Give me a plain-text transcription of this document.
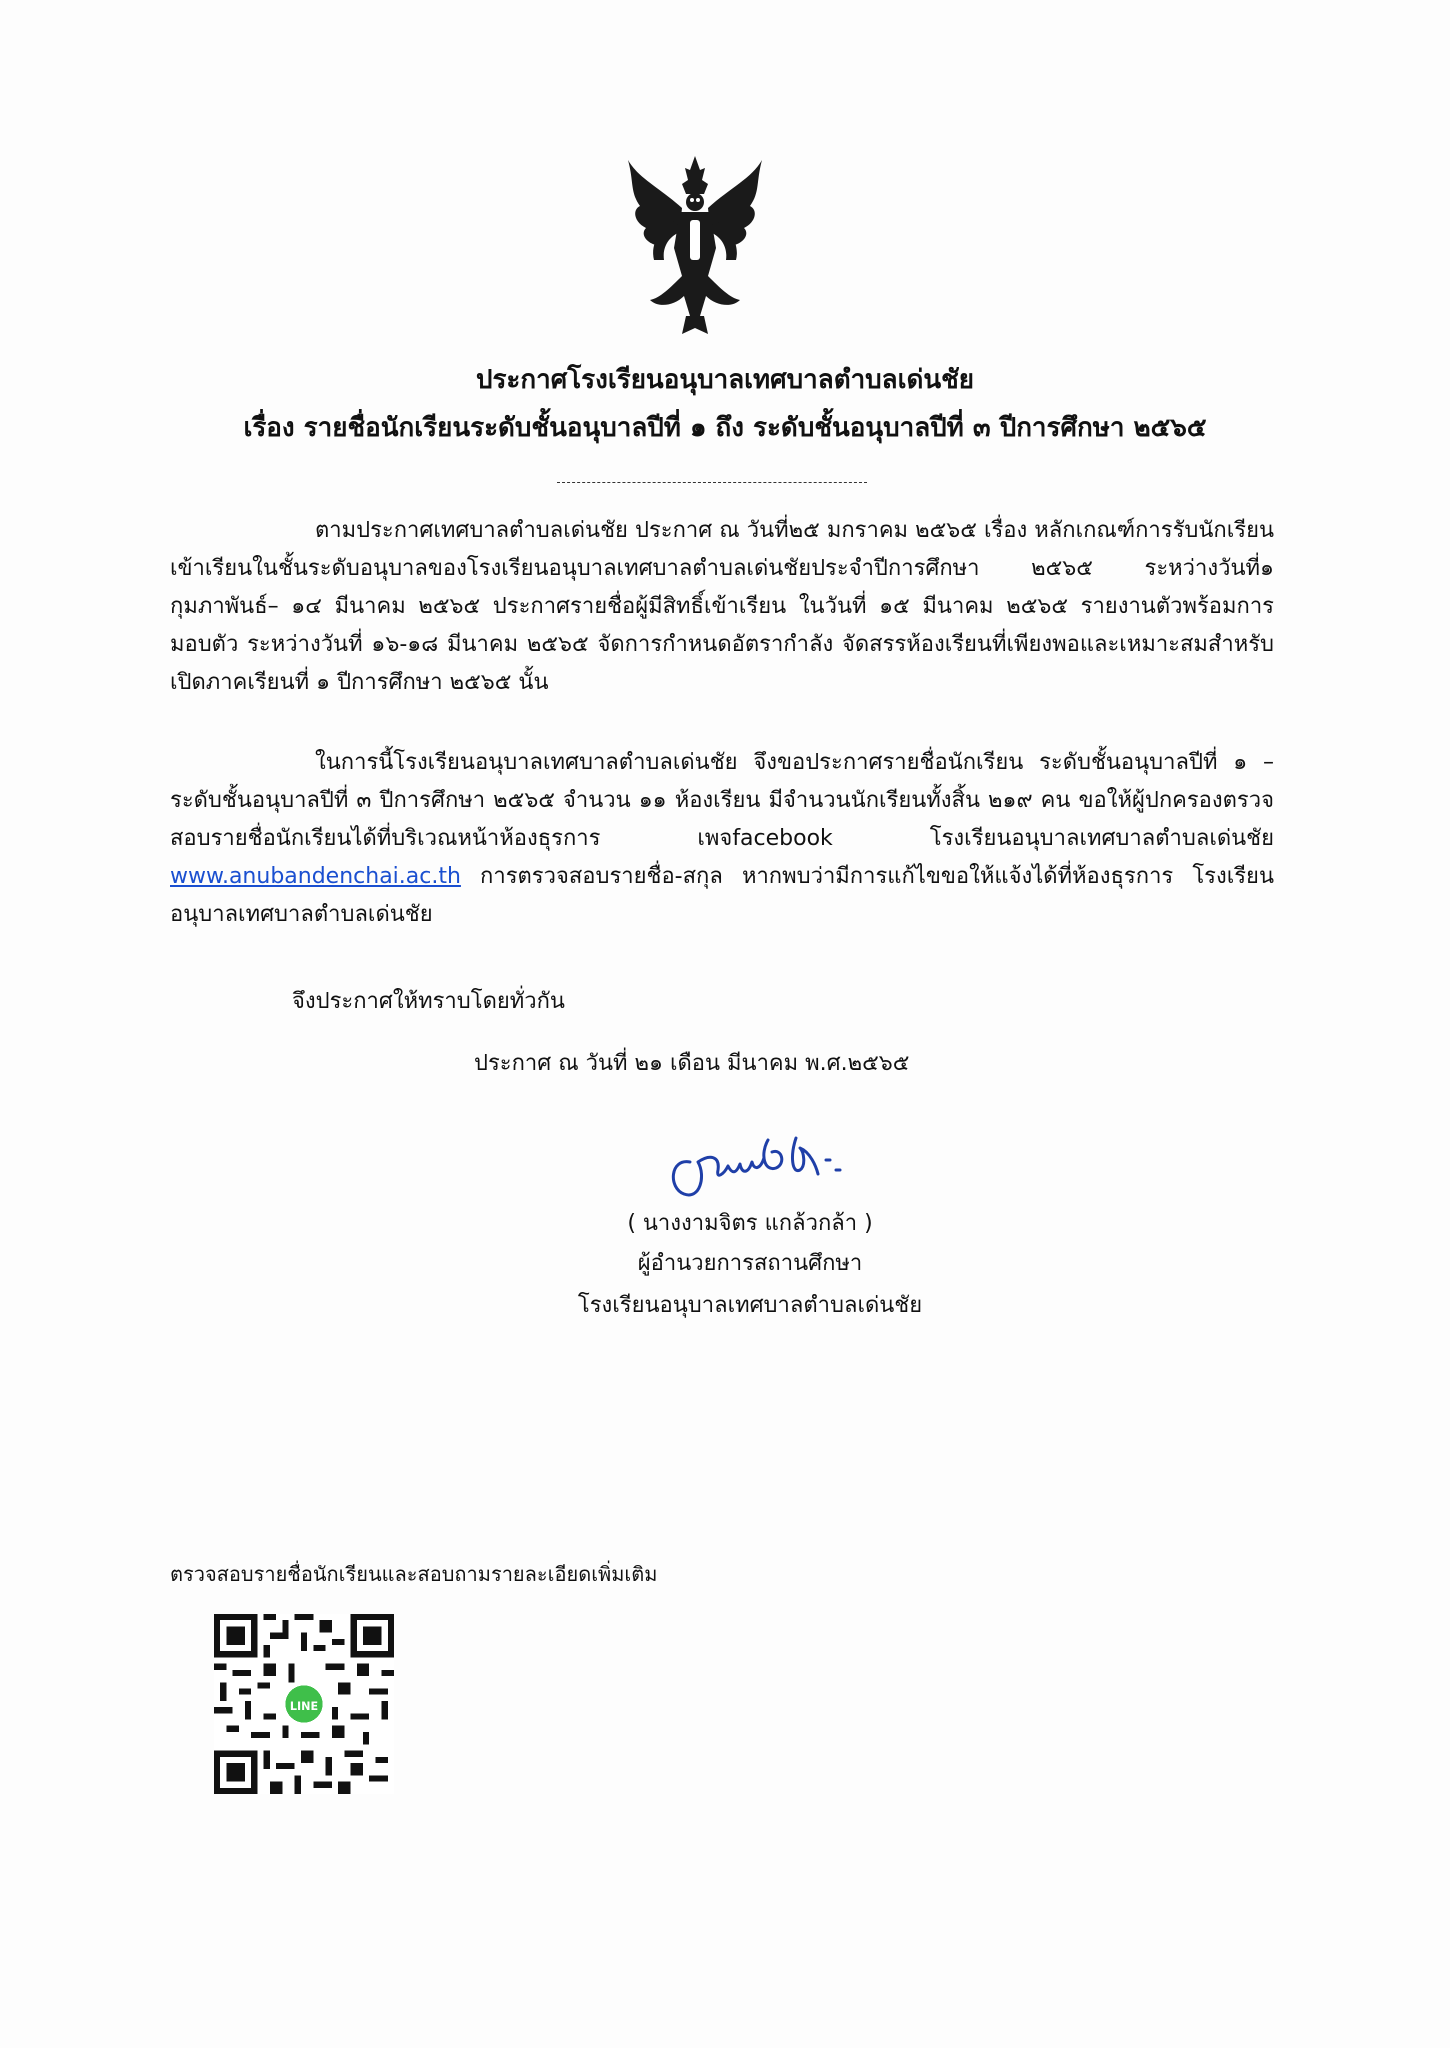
ประกาศโรงเรียนอนุบาลเทศบาลตำบลเด่นชัย
เรื่อง รายชื่อนักเรียนระดับชั้นอนุบาลปีที่ ๑ ถึง ระดับชั้นอนุบาลปีที่ ๓ ปีการศึกษา ๒๕๖๕
ตามประกาศเทศบาลตำบลเด่นชัย ประกาศ ณ วันที่๒๕ มกราคม ๒๕๖๕ เรื่อง หลักเกณฑ์การรับนักเรียนเข้าเรียนในชั้นระดับอนุบาลของโรงเรียนอนุบาลเทศบาลตำบลเด่นชัยประจำปีการศึกษา ๒๕๖๕ ระหว่างวันที่๑ กุมภาพันธ์– ๑๔ มีนาคม ๒๕๖๕ ประกาศรายชื่อผู้มีสิทธิ์เข้าเรียน ในวันที่ ๑๕ มีนาคม ๒๕๖๕ รายงานตัวพร้อมการมอบตัว ระหว่างวันที่ ๑๖-๑๘ มีนาคม ๒๕๖๕ จัดการกำหนดอัตรากำลัง จัดสรรห้องเรียนที่เพียงพอและเหมาะสมสำหรับเปิดภาคเรียนที่ ๑ ปีการศึกษา ๒๕๖๕ นั้น
ในการนี้โรงเรียนอนุบาลเทศบาลตำบลเด่นชัย จึงขอประกาศรายชื่อนักเรียน ระดับชั้นอนุบาลปีที่ ๑ – ระดับชั้นอนุบาลปีที่ ๓ ปีการศึกษา ๒๕๖๕ จำนวน ๑๑ ห้องเรียน มีจำนวนนักเรียนทั้งสิ้น ๒๑๙ คน ขอให้ผู้ปกครองตรวจสอบรายชื่อนักเรียนได้ที่บริเวณหน้าห้องธุรการ เพจfacebook โรงเรียนอนุบาลเทศบาลตำบลเด่นชัย www.anubandenchai.ac.th การตรวจสอบรายชื่อ-สกุล หากพบว่ามีการแก้ไขขอให้แจ้งได้ที่ห้องธุรการ โรงเรียนอนุบาลเทศบาลตำบลเด่นชัย
จึงประกาศให้ทราบโดยทั่วกัน
ประกาศ ณ วันที่ ๒๑ เดือน มีนาคม พ.ศ.๒๕๖๕
( นางงามจิตร แกล้วกล้า )
ผู้อำนวยการสถานศึกษา
โรงเรียนอนุบาลเทศบาลตำบลเด่นชัย
ตรวจสอบรายชื่อนักเรียนและสอบถามรายละเอียดเพิ่มเติม
LINE
